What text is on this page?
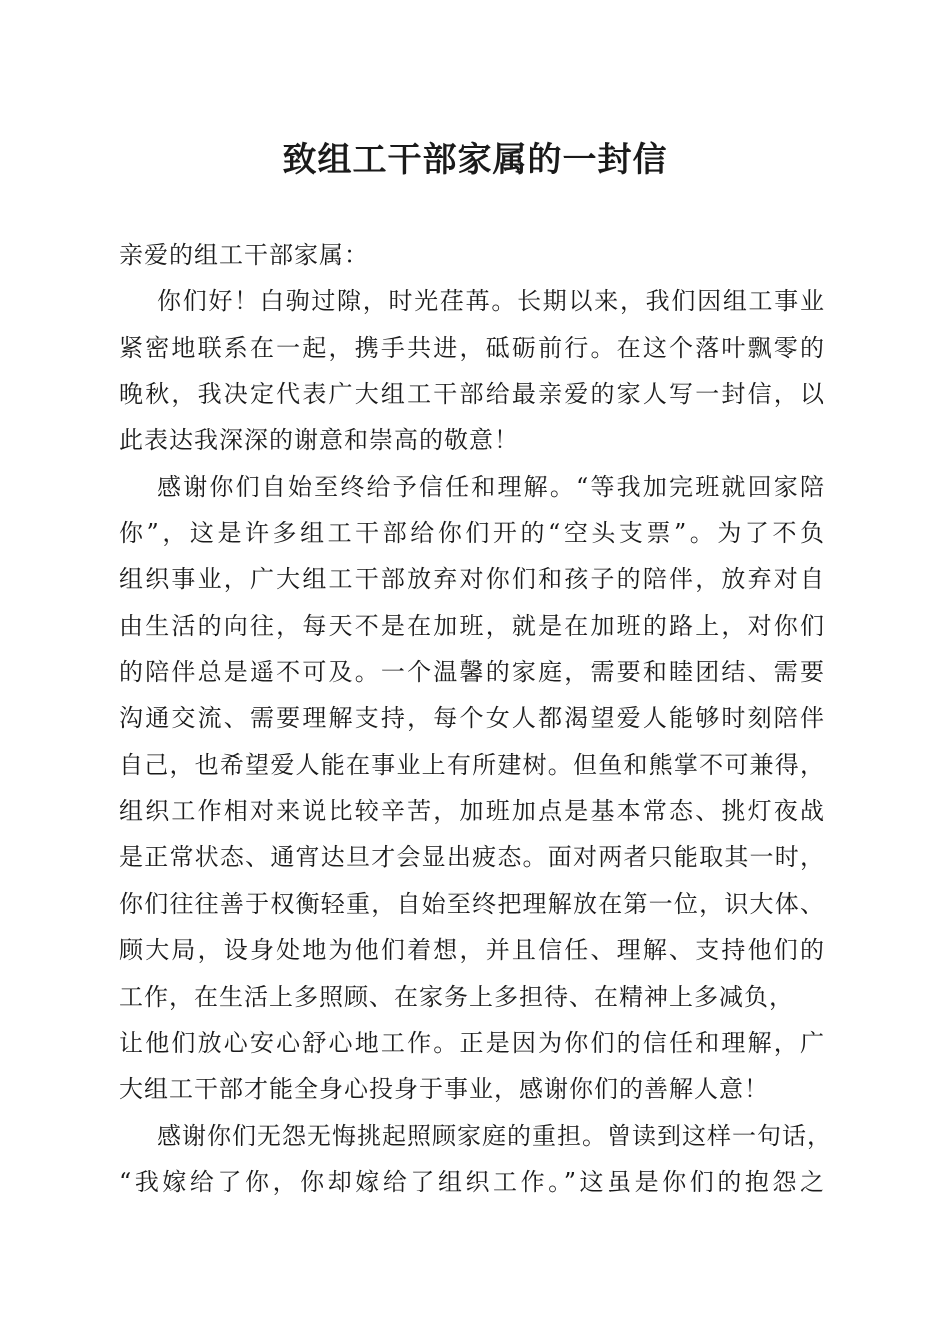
致组工干部家属的一封信
亲爱的组工干部家属：
你们好！白驹过隙，时光荏苒。长期以来，我们因组工事业
紧密地联系在一起，携手共进，砥砺前行。在这个落叶飘零的
晚秋，我决定代表广大组工干部给最亲爱的家人写一封信，以
此表达我深深的谢意和崇高的敬意！
感谢你们自始至终给予信任和理解。“等我加完班就回家陪
你”，这是许多组工干部给你们开的“空头支票”。为了不负
组织事业，广大组工干部放弃对你们和孩子的陪伴，放弃对自
由生活的向往，每天不是在加班，就是在加班的路上，对你们
的陪伴总是遥不可及。一个温馨的家庭，需要和睦团结、需要
沟通交流、需要理解支持，每个女人都渴望爱人能够时刻陪伴
自己，也希望爱人能在事业上有所建树。但鱼和熊掌不可兼得，
组织工作相对来说比较辛苦，加班加点是基本常态、挑灯夜战
是正常状态、通宵达旦才会显出疲态。面对两者只能取其一时，
你们往往善于权衡轻重，自始至终把理解放在第一位，识大体、
顾大局，设身处地为他们着想，并且信任、理解、支持他们的
工作，在生活上多照顾、在家务上多担待、在精神上多减负，
让他们放心安心舒心地工作。正是因为你们的信任和理解，广
大组工干部才能全身心投身于事业，感谢你们的善解人意！
感谢你们无怨无悔挑起照顾家庭的重担。曾读到这样一句话，
“我嫁给了你，你却嫁给了组织工作。”这虽是你们的抱怨之
